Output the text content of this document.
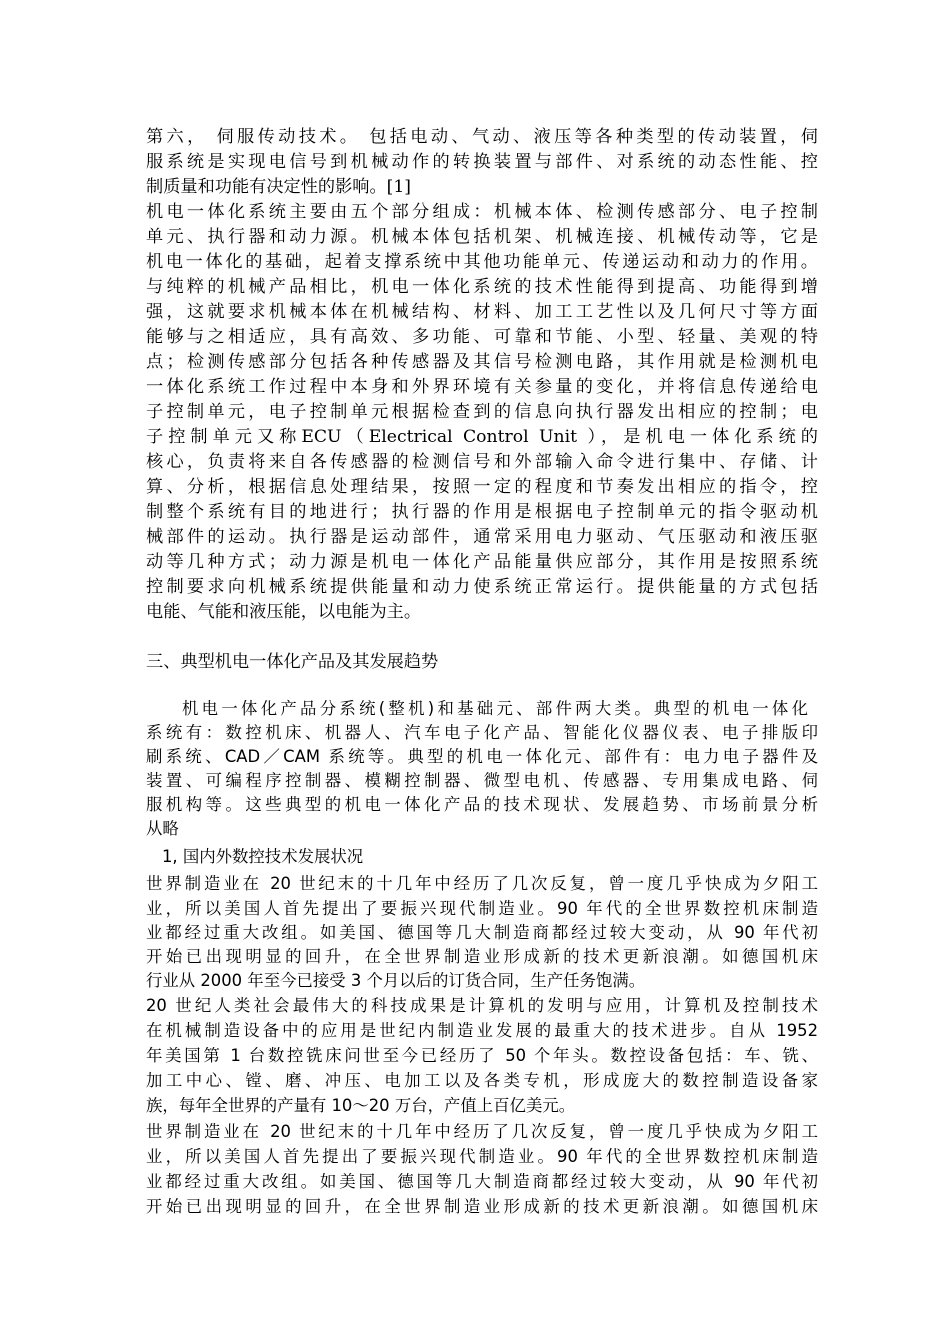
第六， 伺服传动技术。 包括电动、气动、液压等各种类型的传动装置，伺
服系统是实现电信号到机械动作的转换装置与部件、对系统的动态性能、控
制质量和功能有决定性的影响。[1]
机电一体化系统主要由五个部分组成：机械本体、检测传感部分、电子控制
单元、执行器和动力源。机械本体包括机架、机械连接、机械传动等，它是
机电一体化的基础，起着支撑系统中其他功能单元、传递运动和动力的作用。
与纯粹的机械产品相比，机电一体化系统的技术性能得到提高、功能得到增
强，这就要求机械本体在机械结构、材料、加工工艺性以及几何尺寸等方面
能够与之相适应，具有高效、多功能、可靠和节能、小型、轻量、美观的特
点；检测传感部分包括各种传感器及其信号检测电路，其作用就是检测机电
一体化系统工作过程中本身和外界环境有关参量的变化，并将信息传递给电
子控制单元，电子控制单元根据检查到的信息向执行器发出相应的控制；电
子控制单元又称ECU（Electrical Control Unit ），是机电一体化系统的
核心，负责将来自各传感器的检测信号和外部输入命令进行集中、存储、计
算、分析，根据信息处理结果，按照一定的程度和节奏发出相应的指令，控
制整个系统有目的地进行；执行器的作用是根据电子控制单元的指令驱动机
械部件的运动。执行器是运动部件，通常采用电力驱动、气压驱动和液压驱
动等几种方式；动力源是机电一体化产品能量供应部分，其作用是按照系统
控制要求向机械系统提供能量和动力使系统正常运行。提供能量的方式包括
电能、气能和液压能，以电能为主。
三、典型机电一体化产品及其发展趋势
机电一体化产品分系统(整机)和基础元、部件两大类。典型的机电一体化
系统有：数控机床、机器人、汽车电子化产品、智能化仪器仪表、电子排版印
刷系统、CAD／CAM 系统等。典型的机电一体化元、部件有：电力电子器件及
装置、可编程序控制器、模糊控制器、微型电机、传感器、专用集成电路、伺
服机构等。这些典型的机电一体化产品的技术现状、发展趋势、市场前景分析
从略
1, 国内外数控技术发展状况
世界制造业在 20 世纪末的十几年中经历了几次反复，曾一度几乎快成为夕阳工
业，所以美国人首先提出了要振兴现代制造业。90 年代的全世界数控机床制造
业都经过重大改组。如美国、德国等几大制造商都经过较大变动，从 90 年代初
开始已出现明显的回升，在全世界制造业形成新的技术更新浪潮。如德国机床
行业从 2000 年至今已接受 3 个月以后的订货合同，生产任务饱满。
20 世纪人类社会最伟大的科技成果是计算机的发明与应用，计算机及控制技术
在机械制造设备中的应用是世纪内制造业发展的最重大的技术进步。自从 1952
年美国第 1 台数控铣床问世至今已经历了 50 个年头。数控设备包括：车、铣、
加工中心、镗、磨、冲压、电加工以及各类专机，形成庞大的数控制造设备家
族，每年全世界的产量有 10～20 万台，产值上百亿美元。
世界制造业在 20 世纪末的十几年中经历了几次反复，曾一度几乎快成为夕阳工
业，所以美国人首先提出了要振兴现代制造业。90 年代的全世界数控机床制造
业都经过重大改组。如美国、德国等几大制造商都经过较大变动，从 90 年代初
开始已出现明显的回升，在全世界制造业形成新的技术更新浪潮。如德国机床
